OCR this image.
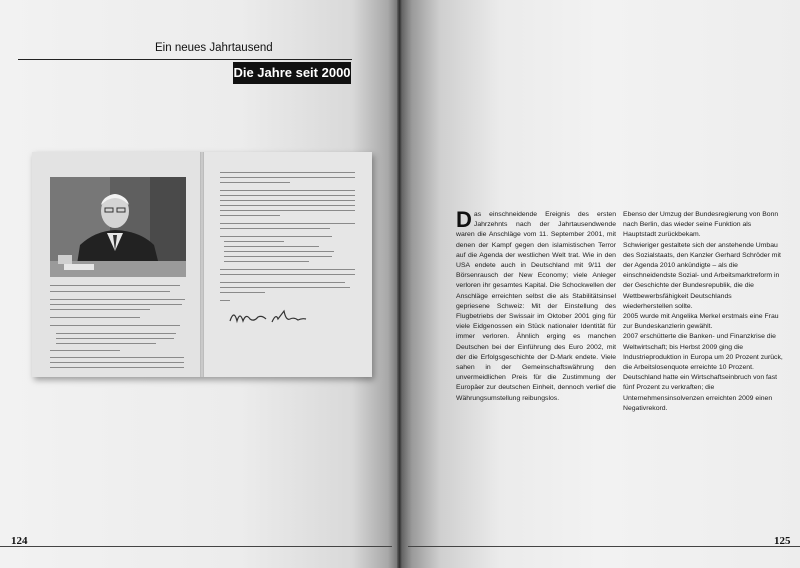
Ein neues Jahrtausend
Die Jahre seit 2000
Das einschneidende Ereignis des ersten Jahrzehnts nach der Jahrtausendwende waren die Anschläge vom 11. September 2001, mit denen der Kampf gegen den islamistischen Terror auf die Agenda der westlichen Welt trat. Wie in den USA endete auch in Deutschland mit 9/11 der Börsenrausch der New Economy; viele Anleger verloren ihr gesamtes Kapital. Die Schockwellen der Anschläge erreichten selbst die als Stabilitätsinsel gepriesene Schweiz: Mit der Einstellung des Flugbetriebs der Swissair im Oktober 2001 ging für viele Eidgenossen ein Stück nationaler Identität für immer verloren. Ähnlich erging es manchen Deutschen bei der Einführung des Euro 2002, mit der die Erfolgsgeschichte der D-Mark endete. Viele sahen in der Gemeinschaftswährung den unvermeidlichen Preis für die Zustimmung der Europäer zur deutschen Einheit, dennoch verlief die Währungsumstellung reibungslos.
Ebenso der Umzug der Bundesregierung von Bonn nach Berlin, das wieder seine Funktion als Hauptstadt zurückbekam.
Schwieriger gestaltete sich der anstehende Umbau des Sozialstaats, den Kanzler Gerhard Schröder mit der Agenda 2010 ankündigte – als die einschneidendste Sozial- und Arbeitsmarktreform in der Geschichte der Bundesrepublik, die die Wettbewerbsfähigkeit Deutschlands wiederherstellen sollte.
2005 wurde mit Angelika Merkel erstmals eine Frau zur Bundeskanzlerin gewählt.
2007 erschütterte die Banken- und Finanzkrise die Weltwirtschaft; bis Herbst 2009 ging die Industrieproduktion in Europa um 20 Prozent zurück, die Arbeitslosenquote erreichte 10 Prozent.
Deutschland hatte ein Wirtschaftseinbruch von fast fünf Prozent zu verkraften; die Unternehmensinsolvenzen erreichten 2009 einen Negativrekord.
124	125
